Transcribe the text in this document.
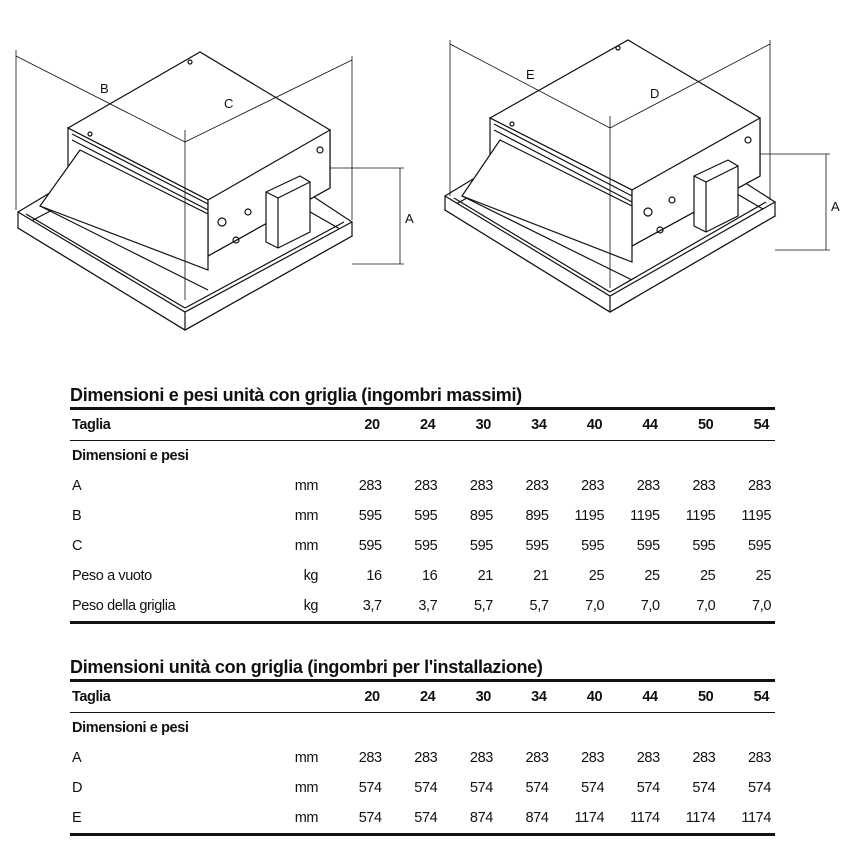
B
C
A
E
D
A
Dimensioni e pesi unità con griglia (ingombri massimi)
Taglia		20	24	30	34	40	44	50	54
Dimensioni e pesi									
A	mm	283	283	283	283	283	283	283	283
B	mm	595	595	895	895	1195	1195	1195	1195
C	mm	595	595	595	595	595	595	595	595
Peso a vuoto	kg	16	16	21	21	25	25	25	25
Peso della griglia	kg	3,7	3,7	5,7	5,7	7,0	7,0	7,0	7,0
Dimensioni unità con griglia (ingombri per l'installazione)
Taglia		20	24	30	34	40	44	50	54
Dimensioni e pesi									
A	mm	283	283	283	283	283	283	283	283
D	mm	574	574	574	574	574	574	574	574
E	mm	574	574	874	874	1174	1174	1174	1174
